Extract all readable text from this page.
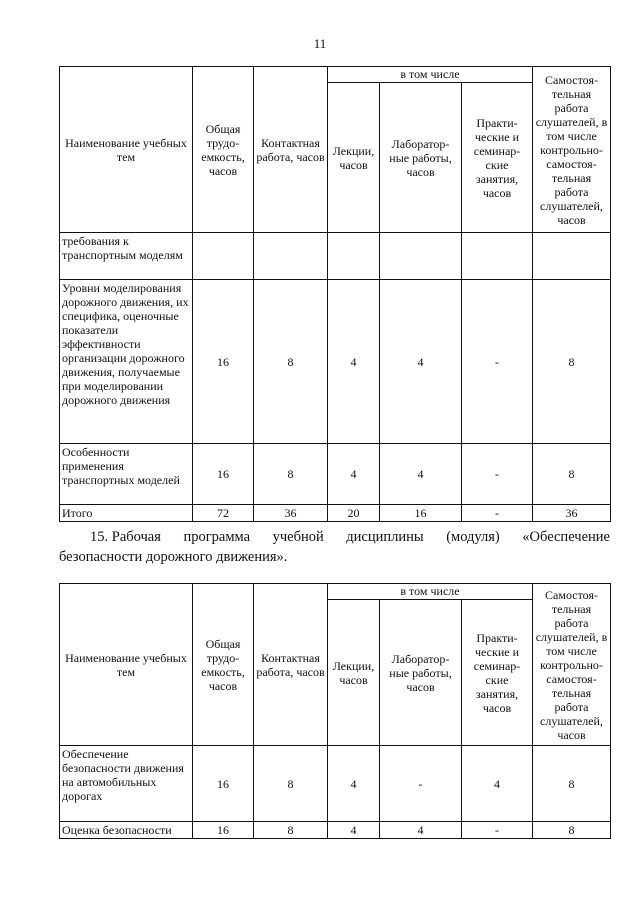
11
Наименование учебных тем	Общая трудо-емкость, часов	Контактная работа, часов	в том числе			Самостоя-тельная работа слушателей, в том числе контрольно-самостоя-тельная работа слушателей, часов
			Лекции, часов	Лаборатор-ные работы, часов	Практи-ческие и семинар-ские занятия, часов	
требования к транспортным моделям						
Уровни моделирования дорожного движения, их специфика, оценочные показатели эффективности организации дорожного движения, получаемые при моделировании дорожного движения	16	8	4	4	-	8
Особенности применения транспортных моделей	16	8	4	4	-	8
Итого	72	36	20	16	-	36
15. Рабочая программа учебной дисциплины (модуля) «Обеспечение
безопасности дорожного движения».
Наименование учебных тем	Общая трудо-емкость, часов	Контактная работа, часов	в том числе			Самостоя-тельная работа слушателей, в том числе контрольно-самостоя-тельная работа слушателей, часов
			Лекции, часов	Лаборатор-ные работы, часов	Практи-ческие и семинар-ские занятия, часов	
Обеспечение безопасности движения на автомобильных дорогах	16	8	4	-	4	8
Оценка безопасности	16	8	4	4	-	8
